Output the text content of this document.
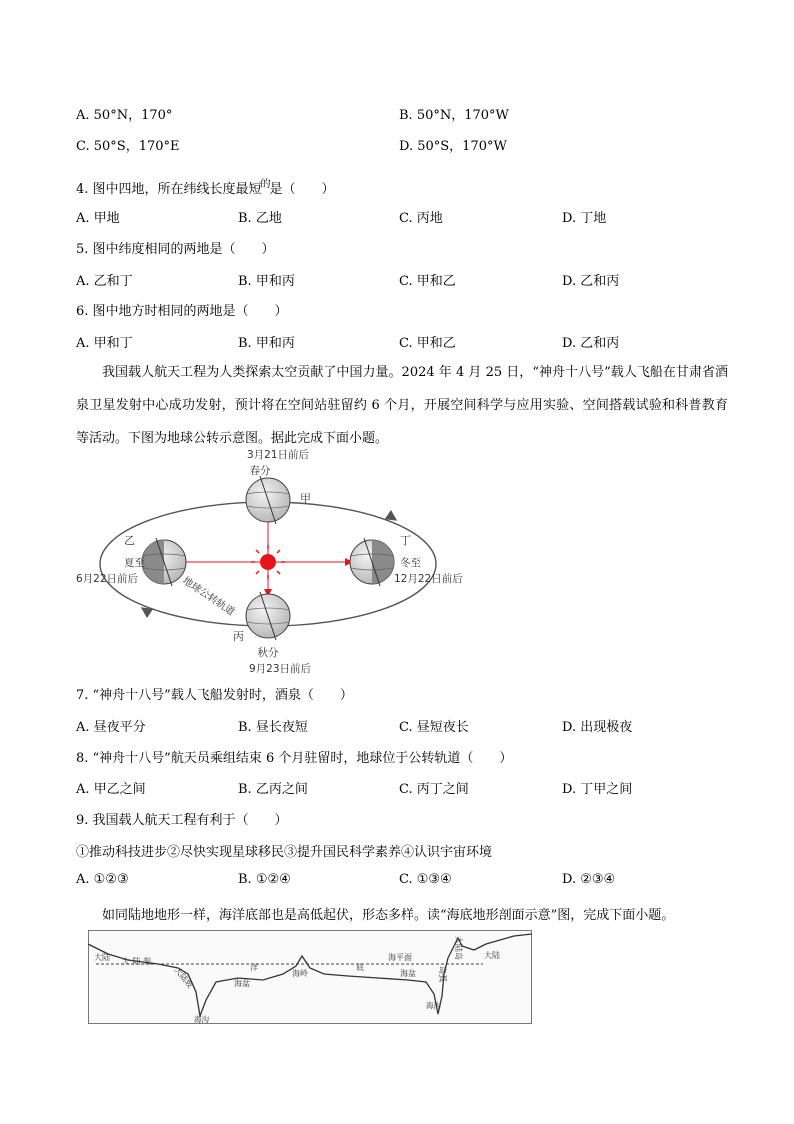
A. 50°N，170°	B. 50°N，170°W
C. 50°S，170°E	D. 50°S，170°W
4. 图中四地，所在纬线长度最短$^的$是（　　）
A. 甲地	B. 乙地	C. 丙地	D. 丁地
5. 图中纬度相同的两地是（　　）
A. 乙和丁	B. 甲和丙	C. 甲和乙	D. 乙和丙
6. 图中地方时相同的两地是（　　）
A. 甲和丁	B. 甲和丙	C. 甲和乙	D. 乙和丙
我国载人航天工程为人类探索太空贡献了中国力量。2024 年 4 月 25 日，“神舟十八号”载人飞船在甘肃省酒泉卫星发射中心成功发射，预计将在空间站驻留约 6 个月，开展空间科学与应用实验、空间搭载试验和科普教育等活动。下图为地球公转示意图。据此完成下面小题。
3月21日前后
春分
甲
乙
夏至
6月22日前后
丁
冬至
12月22日前后
丙
秋分
9月23日前后
地球公转轨道
7. “神舟十八号”载人飞船发射时，酒泉（　　）
A. 昼夜平分	B. 昼长夜短	C. 昼短夜长	D. 出现极夜
8. “神舟十八号”航天员乘组结束 6 个月驻留时，地球位于公转轨道（　　）
A. 甲乙之间	B. 乙丙之间	C. 丙丁之间	D. 丁甲之间
9. 我国载人航天工程有利于（　　）
①推动科技进步②尽快实现星球移民③提升国民科学素养④认识宇宙环境
A. ①②③	B. ①②④	C. ①③④	D. ②③④
如同陆地地形一样，海洋底部也是高低起伏，形态多样。读“海底地形剖面示意”图，完成下面小题。
大陆 大 陆 架
大陆坡	洋
海盆
海岭
底
海平面
海盆
大陆岛	大陆
岛弧
海沟
海沟
